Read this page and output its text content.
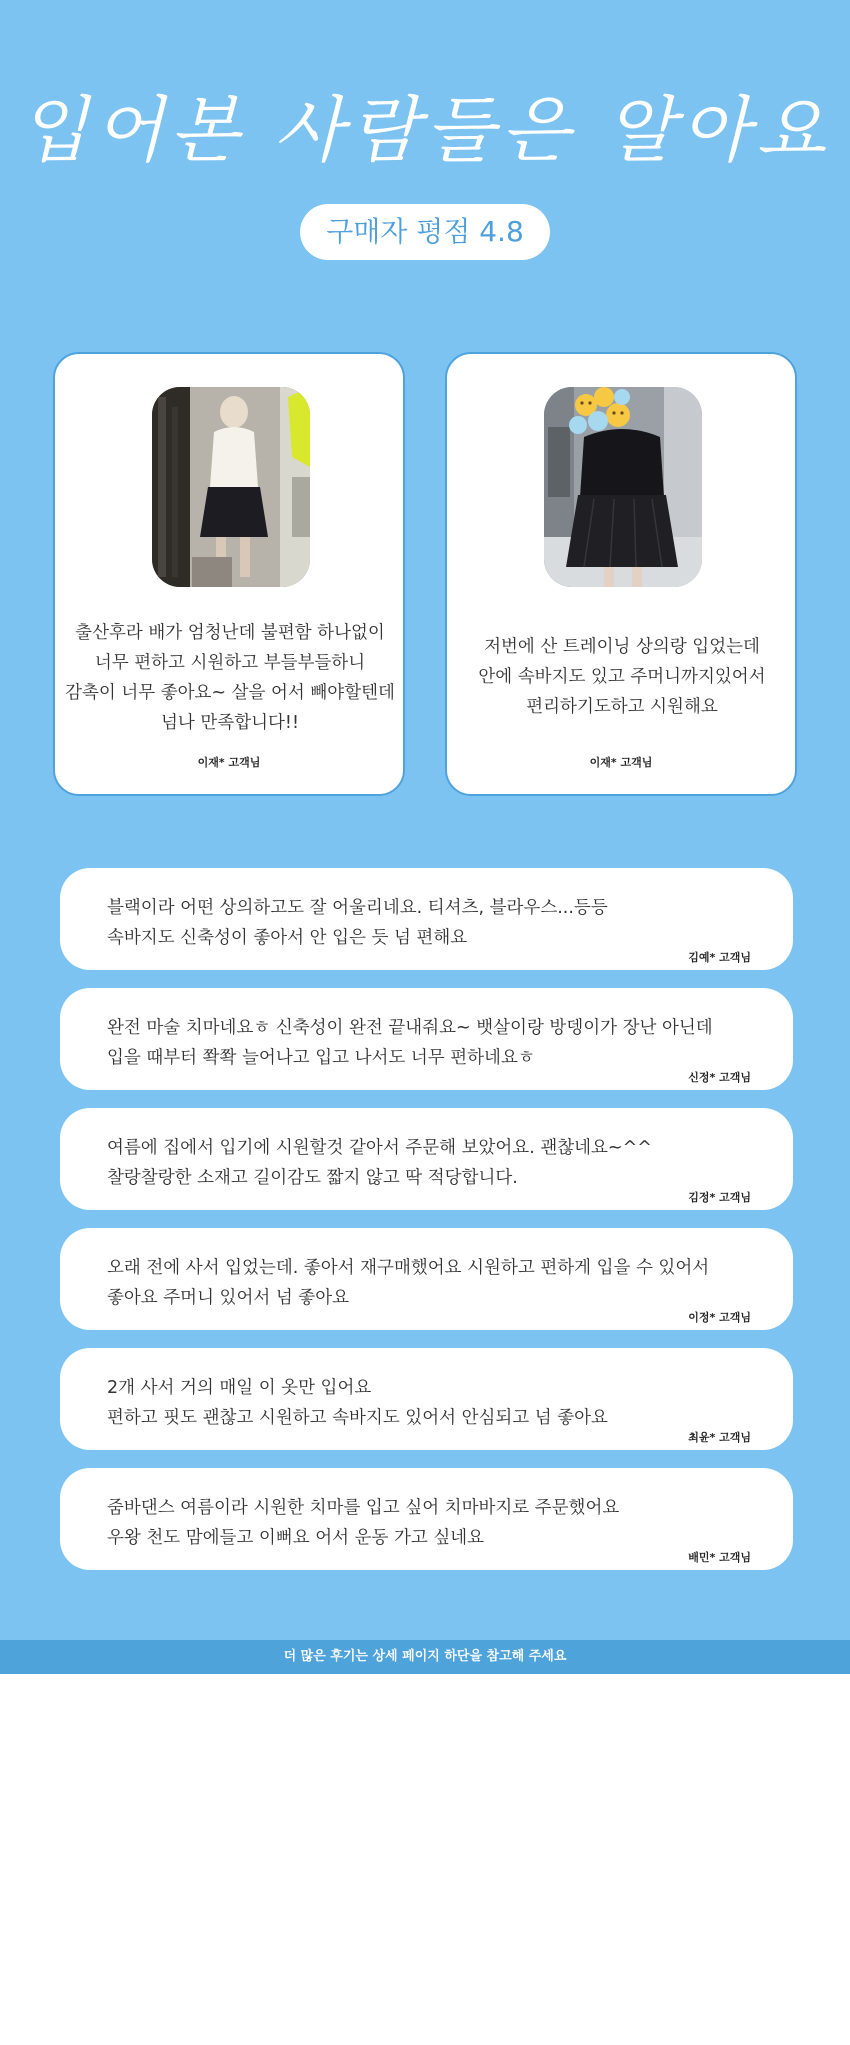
입어본 사람들은 알아요
구매자 평점 4.8
출산후라 배가 엄청난데 불편함 하나없이
너무 편하고 시원하고 부들부들하니
감촉이 너무 좋아요~ 살을 어서 빼야할텐데
넘나 만족합니다!!
이재* 고객님
저번에 산 트레이닝 상의랑 입었는데
안에 속바지도 있고 주머니까지있어서
편리하기도하고 시원해요
이재* 고객님
블랙이라 어떤 상의하고도 잘 어울리네요. 티셔츠, 블라우스...등등
속바지도 신축성이 좋아서 안 입은 듯 넘 편해요
김예* 고객님
완전 마술 치마네요ㅎ 신축성이 완전 끝내줘요~ 뱃살이랑 방뎅이가 장난 아닌데
입을 때부터 쫙쫙 늘어나고 입고 나서도 너무 편하네요ㅎ
신정* 고객님
여름에 집에서 입기에 시원할것 같아서 주문해 보았어요. 괜찮네요~^^
찰랑찰랑한 소재고 길이감도 짧지 않고 딱 적당합니다.
김정* 고객님
오래 전에 사서 입었는데. 좋아서 재구매했어요 시원하고 편하게 입을 수 있어서
좋아요 주머니 있어서 넘 좋아요
이정* 고객님
2개 사서 거의 매일 이 옷만 입어요
편하고 핏도 괜찮고 시원하고 속바지도 있어서 안심되고 넘 좋아요
최윤* 고객님
줌바댄스 여름이라 시원한 치마를 입고 싶어 치마바지로 주문했어요
우왕 천도 맘에들고 이뻐요 어서 운동 가고 싶네요
배민* 고객님
더 많은 후기는 상세 페이지 하단을 참고해 주세요
